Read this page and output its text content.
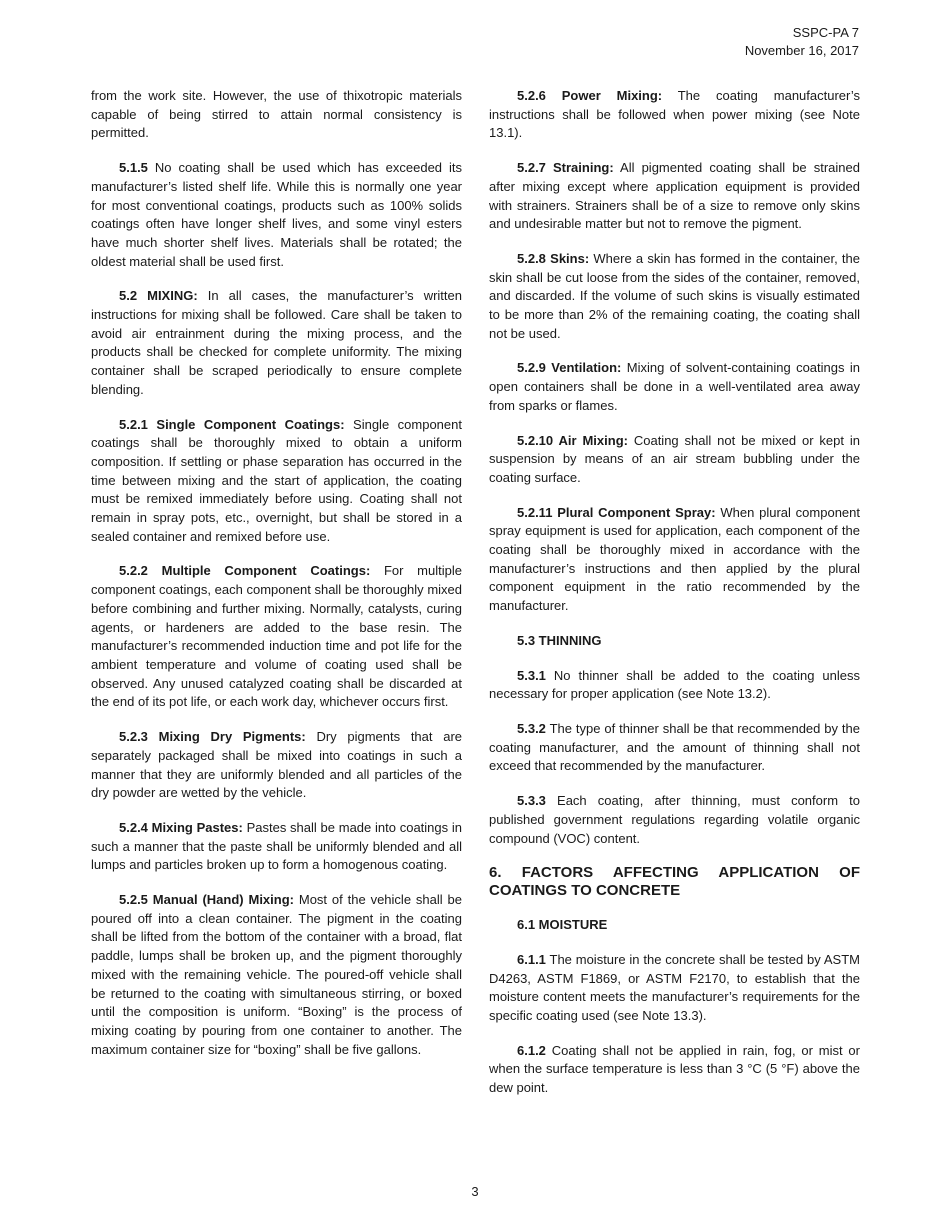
SSPC-PA 7
November 16, 2017

from the work site. However, the use of thixotropic materials capable of being stirred to attain normal consistency is permitted.

5.1.5 No coating shall be used which has exceeded its manufacturer’s listed shelf life. While this is normally one year for most conventional coatings, products such as 100% solids coatings often have longer shelf lives, and some vinyl esters have much shorter shelf lives. Materials shall be rotated; the oldest material shall be used first.

5.2 MIXING: In all cases, the manufacturer’s written instructions for mixing shall be followed. Care shall be taken to avoid air entrainment during the mixing process, and the products shall be checked for complete uniformity. The mixing container shall be scraped periodically to ensure complete blending.

5.2.1 Single Component Coatings: Single component coatings shall be thoroughly mixed to obtain a uniform composition. If settling or phase separation has occurred in the time between mixing and the start of application, the coating must be remixed immediately before using. Coating shall not remain in spray pots, etc., overnight, but shall be stored in a sealed container and remixed before use.

5.2.2 Multiple Component Coatings: For multiple component coatings, each component shall be thoroughly mixed before combining and further mixing. Normally, catalysts, curing agents, or hardeners are added to the base resin. The manufacturer’s recommended induction time and pot life for the ambient temperature and volume of coating used shall be observed. Any unused catalyzed coating shall be discarded at the end of its pot life, or each work day, whichever occurs first.

5.2.3 Mixing Dry Pigments: Dry pigments that are separately packaged shall be mixed into coatings in such a manner that they are uniformly blended and all particles of the dry powder are wetted by the vehicle.

5.2.4 Mixing Pastes: Pastes shall be made into coatings in such a manner that the paste shall be uniformly blended and all lumps and particles broken up to form a homogenous coating.

5.2.5 Manual (Hand) Mixing: Most of the vehicle shall be poured off into a clean container. The pigment in the coating shall be lifted from the bottom of the container with a broad, flat paddle, lumps shall be broken up, and the pigment thoroughly mixed with the remaining vehicle. The poured-off vehicle shall be returned to the coating with simultaneous stirring, or boxed until the composition is uniform. “Boxing” is the process of mixing coating by pouring from one container to another. The maximum container size for “boxing” shall be five gallons.

5.2.6 Power Mixing: The coating manufacturer’s instructions shall be followed when power mixing (see Note 13.1).

5.2.7 Straining: All pigmented coating shall be strained after mixing except where application equipment is provided with strainers. Strainers shall be of a size to remove only skins and undesirable matter but not to remove the pigment.

5.2.8 Skins: Where a skin has formed in the container, the skin shall be cut loose from the sides of the container, removed, and discarded. If the volume of such skins is visually estimated to be more than 2% of the remaining coating, the coating shall not be used.

5.2.9 Ventilation: Mixing of solvent-containing coatings in open containers shall be done in a well-ventilated area away from sparks or flames.

5.2.10 Air Mixing: Coating shall not be mixed or kept in suspension by means of an air stream bubbling under the coating surface.

5.2.11 Plural Component Spray: When plural component spray equipment is used for application, each component of the coating shall be thoroughly mixed in accordance with the manufacturer’s instructions and then applied by the plural component equipment in the ratio recommended by the manufacturer.

5.3 THINNING

5.3.1 No thinner shall be added to the coating unless necessary for proper application (see Note 13.2).

5.3.2 The type of thinner shall be that recommended by the coating manufacturer, and the amount of thinning shall not exceed that recommended by the manufacturer.

5.3.3 Each coating, after thinning, must conform to published government regulations regarding volatile organic compound (VOC) content.

6. FACTORS AFFECTING APPLICATION OF COATINGS TO CONCRETE

6.1 MOISTURE

6.1.1 The moisture in the concrete shall be tested by ASTM D4263, ASTM F1869, or ASTM F2170, to establish that the moisture content meets the manufacturer’s requirements for the specific coating used (see Note 13.3).

6.1.2 Coating shall not be applied in rain, fog, or mist or when the surface temperature is less than 3 °C (5 °F) above the dew point.

3
